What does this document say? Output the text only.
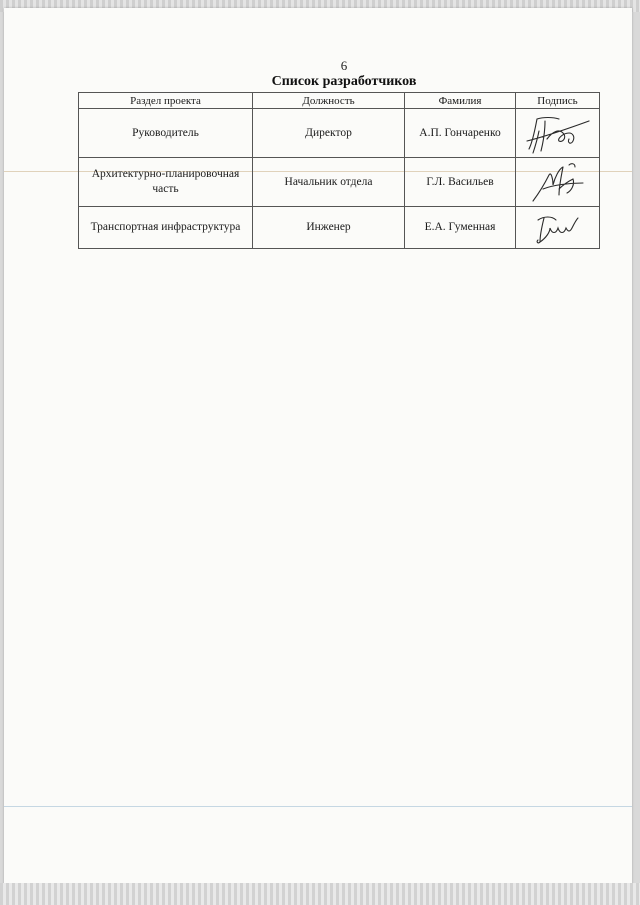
6
Список разработчиков
Раздел проекта	Должность	Фамилия	Подпись
Руководитель	Директор	А.П. Гончаренко	

Архитектурно-планировочная часть	Начальник отдела	Г.Л. Васильев	

Транспортная инфраструктура	Инженер	Е.А. Гуменная	
